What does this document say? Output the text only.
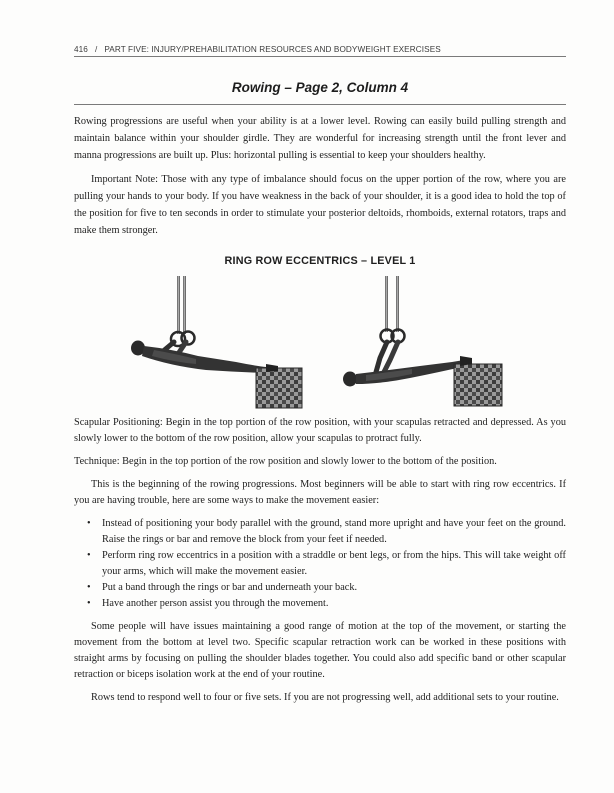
416 / PART FIVE: INJURY/PREHABILITATION RESOURCES AND BODYWEIGHT EXERCISES
Rowing – Page 2, Column 4

Rowing progressions are useful when your ability is at a lower level. Rowing can easily build pulling strength and maintain balance within your shoulder girdle. They are wonderful for increasing strength until the front lever and manna progressions are built up. Plus: horizontal pulling is essential to keep your shoulders healthy.

Important Note: Those with any type of imbalance should focus on the upper portion of the row, where you are pulling your hands to your body. If you have weakness in the back of your shoulder, it is a good idea to hold the top of the position for five to ten seconds in order to stimulate your posterior deltoids, rhomboids, external rotators, traps and make them stronger.

RING ROW ECCENTRICS – LEVEL 1

Scapular Positioning: Begin in the top portion of the row position, with your scapulas retracted and depressed. As you slowly lower to the bottom of the row position, allow your scapulas to protract fully.

Technique: Begin in the top portion of the row position and slowly lower to the bottom of the position.

This is the beginning of the rowing progressions. Most beginners will be able to start with ring row eccentrics. If you are having trouble, here are some ways to make the movement easier:

• Instead of positioning your body parallel with the ground, stand more upright and have your feet on the ground. Raise the rings or bar and remove the block from your feet if needed.
• Perform ring row eccentrics in a position with a straddle or bent legs, or from the hips. This will take weight off your arms, which will make the movement easier.
• Put a band through the rings or bar and underneath your back.
• Have another person assist you through the movement.

Some people will have issues maintaining a good range of motion at the top of the movement, or starting the movement from the bottom at level two. Specific scapular retraction work can be worked in these positions with straight arms by focusing on pulling the shoulder blades together. You could also add specific band or other scapular retraction or biceps isolation work at the end of your routine.

Rows tend to respond well to four or five sets. If you are not progressing well, add additional sets to your routine.
